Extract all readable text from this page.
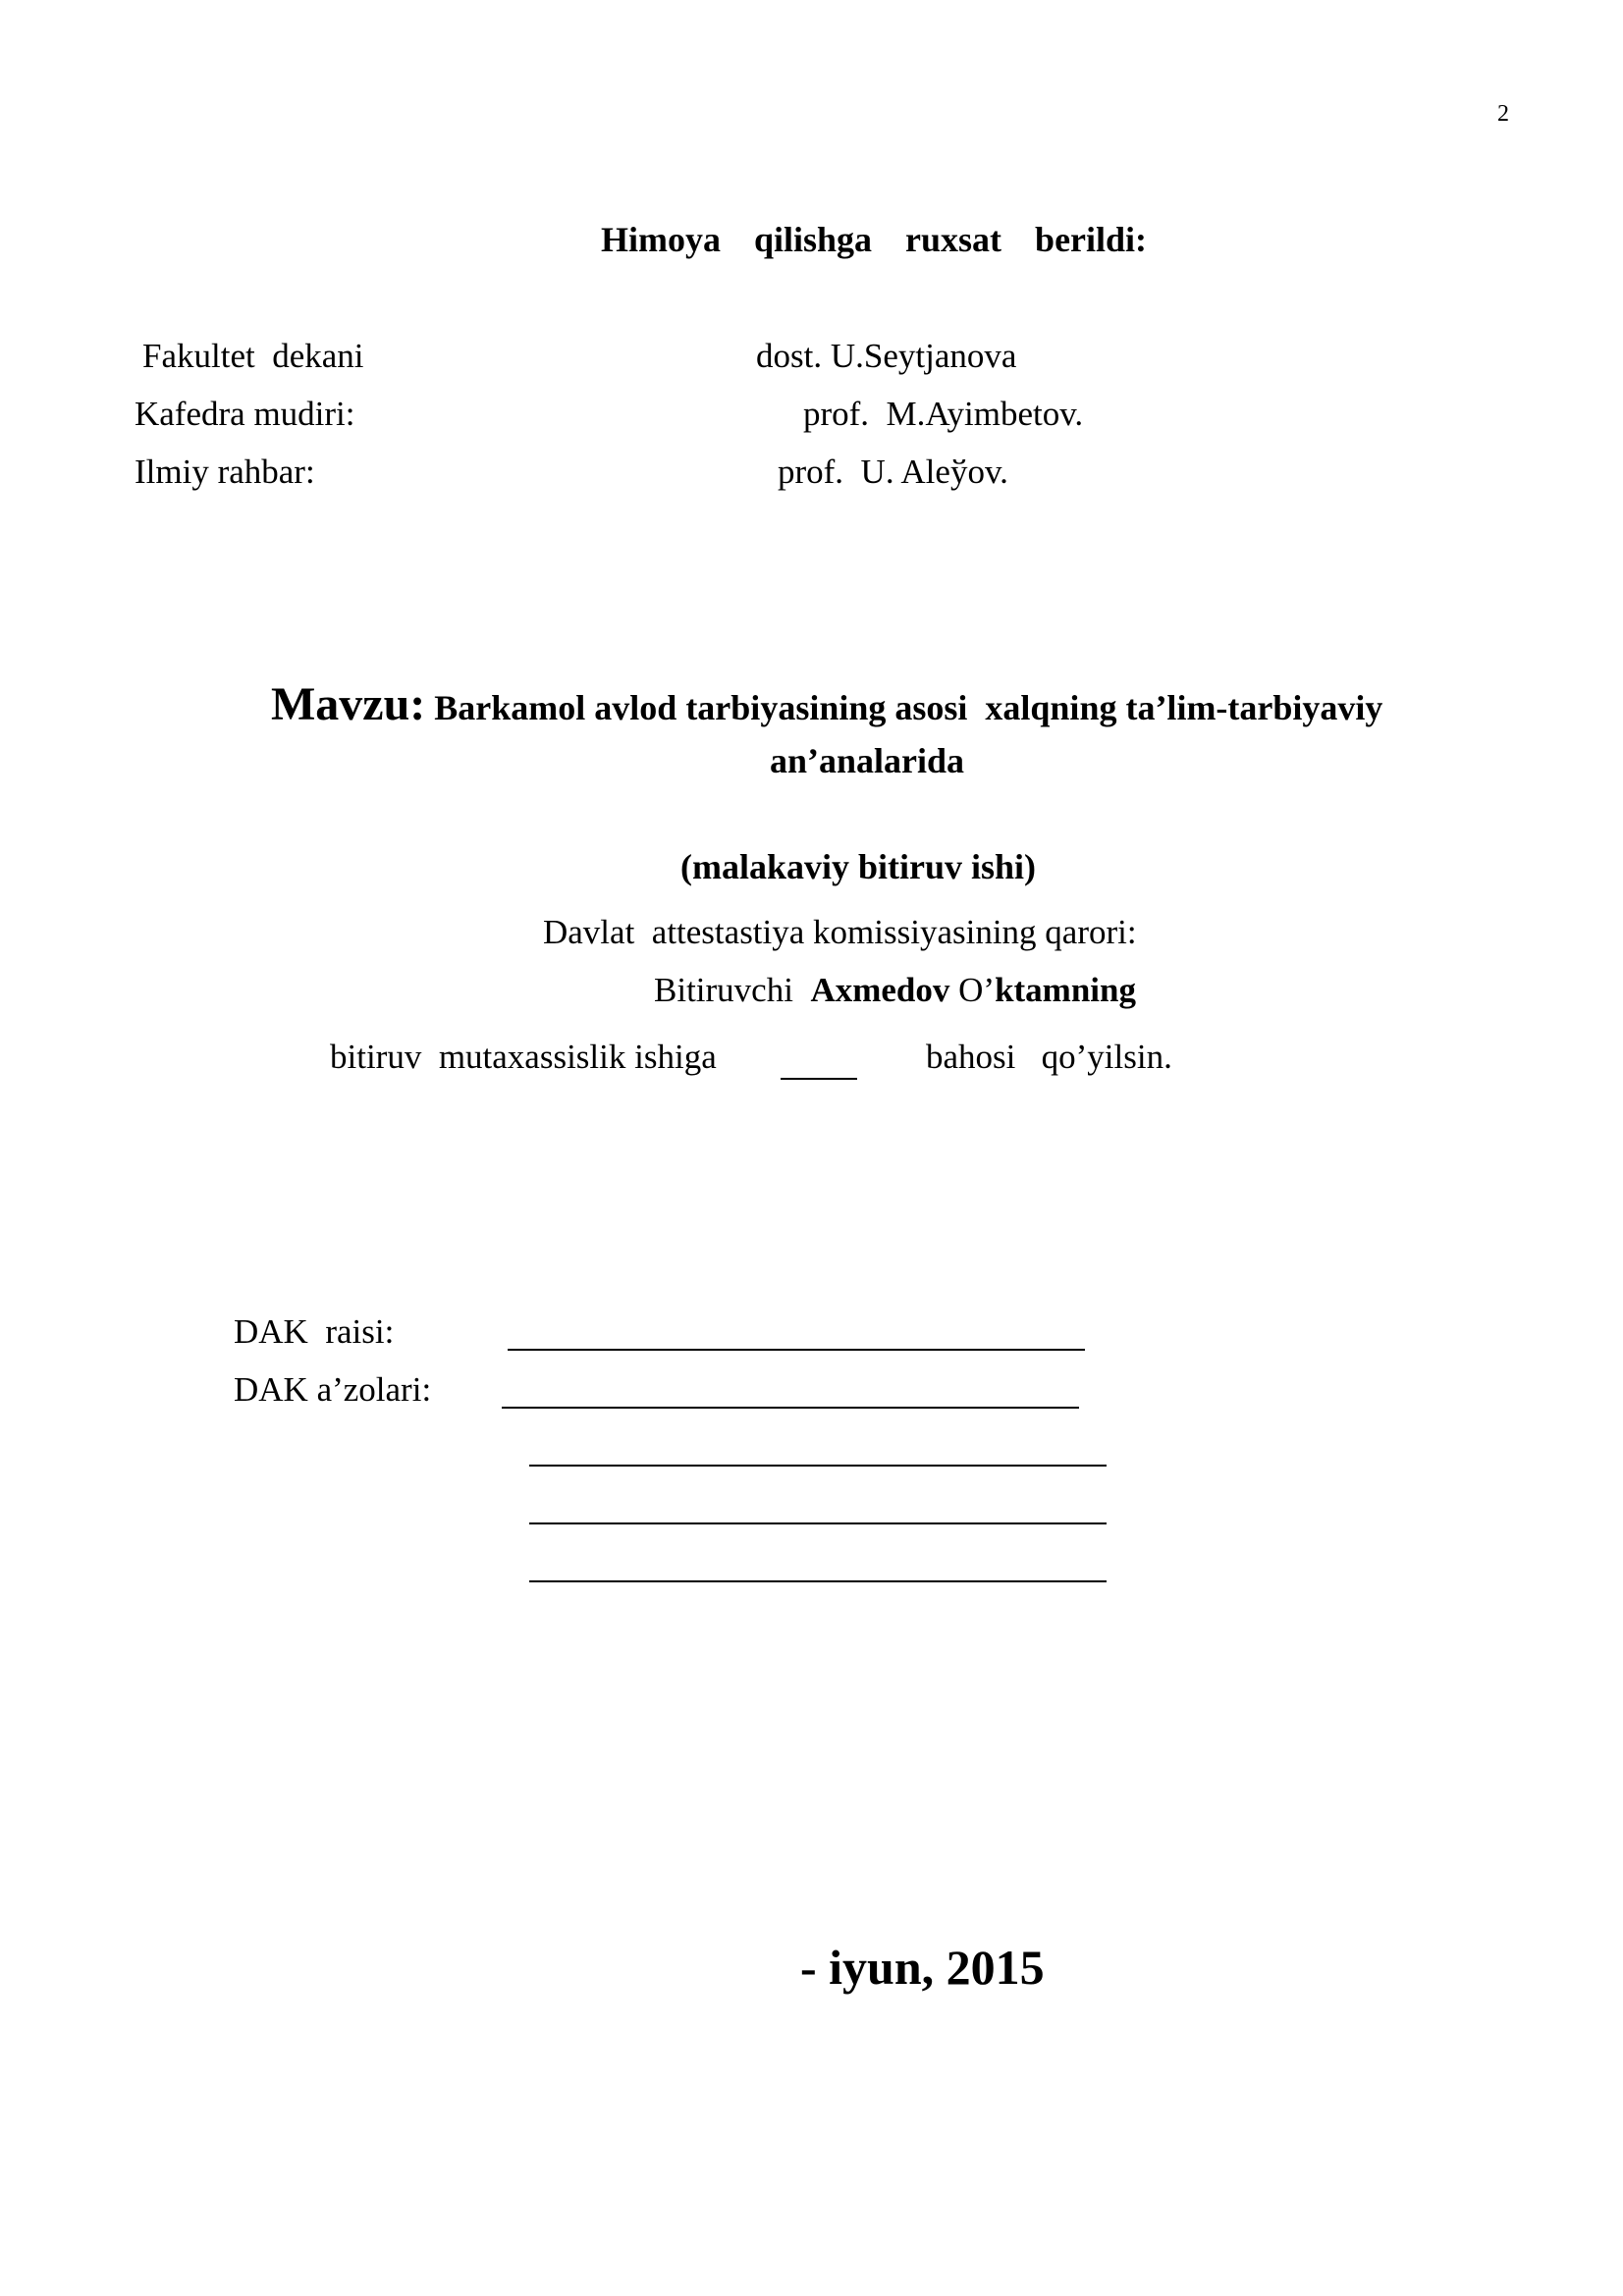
2
Himoya  qilishga  ruxsat  berildi:
Fakultet  dekani	dost. U.Seytjanova
Kafedra mudiri:	prof.  M.Ayimbetov.
Ilmiy rahbar:	prof.  U. Aleўov.
Mavzu: Barkamol avlod tarbiyasining asosi  xalqning ta’lim-tarbiyaviy
an’analarida
(malakaviy bitiruv ishi)
Davlat  attestastiya komissiyasining qarori:
Bitiruvchi  Axmedov O’ktamning
bitiruv  mutaxassislik ishiga	bahosi   qo’yilsin.
DAK  raisi:
DAK a’zolari:
- iyun, 2015
